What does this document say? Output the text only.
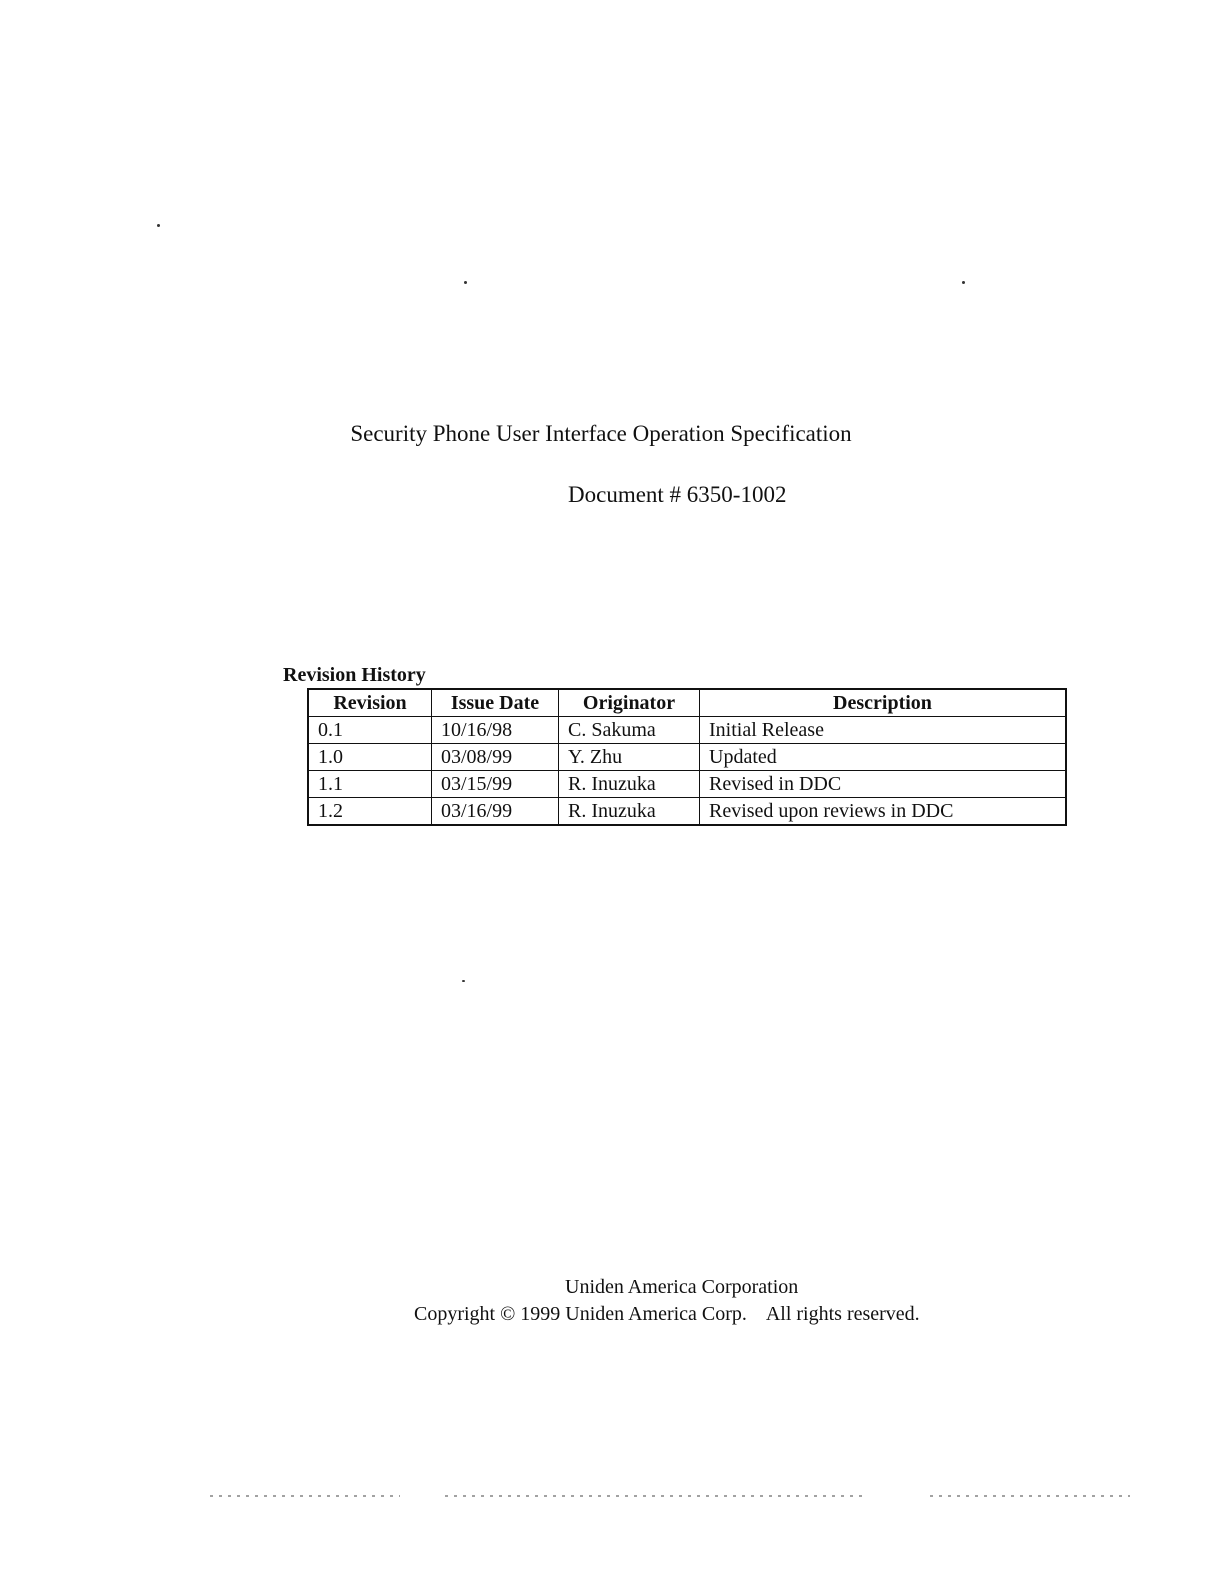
Security Phone User Interface Operation Specification
Document # 6350-1002
Revision History
Revision	Issue Date	Originator	Description
0.1	10/16/98	C. Sakuma	Initial Release
1.0	03/08/99	Y. Zhu	Updated
1.1	03/15/99	R. Inuzuka	Revised in DDC
1.2	03/16/99	R. Inuzuka	Revised upon reviews in DDC
Uniden America Corporation
Copyright © 1999 Uniden America Corp.    All rights reserved.
